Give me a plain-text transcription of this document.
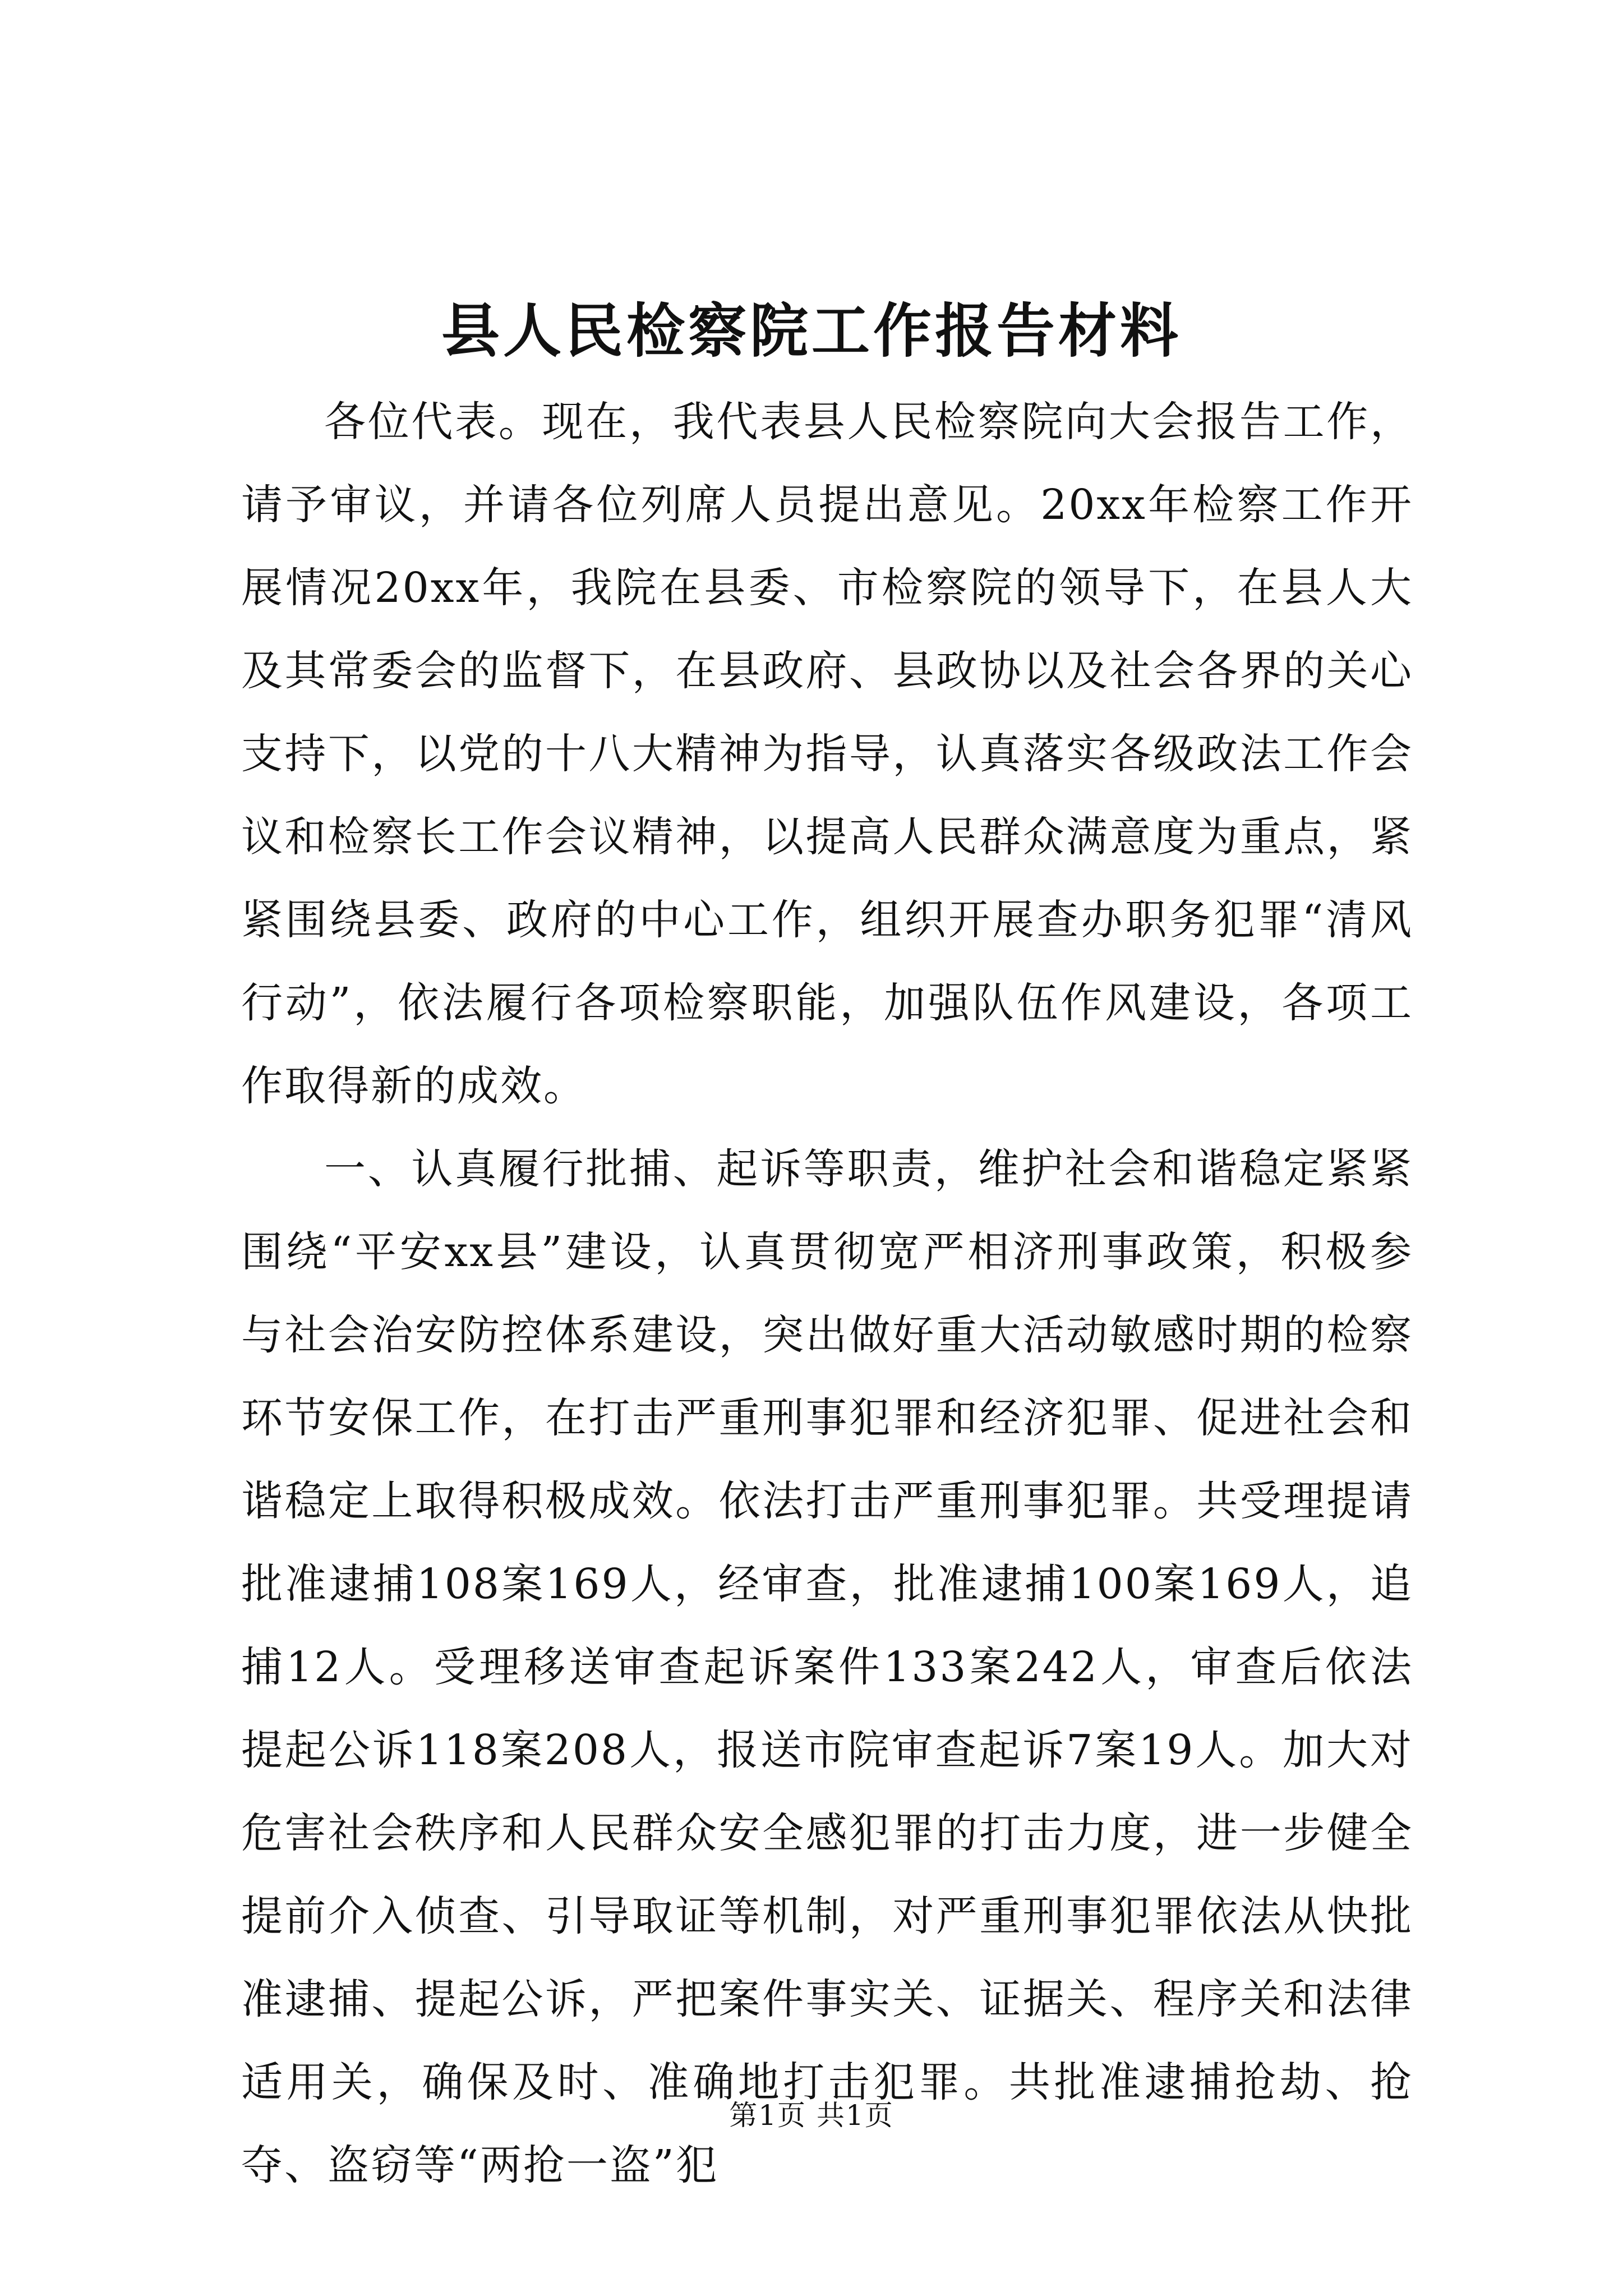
县人民检察院工作报告材料

各位代表。现在，我代表县人民检察院向大会报告工作，请予审议，并请各位列席人员提出意见。20xx年检察工作开展情况20xx年，我院在县委、市检察院的领导下，在县人大及其常委会的监督下，在县政府、县政协以及社会各界的关心支持下，以党的十八大精神为指导，认真落实各级政法工作会议和检察长工作会议精神，以提高人民群众满意度为重点，紧紧围绕县委、政府的中心工作，组织开展查办职务犯罪“清风行动”，依法履行各项检察职能，加强队伍作风建设，各项工作取得新的成效。

一、认真履行批捕、起诉等职责，维护社会和谐稳定紧紧围绕“平安xx县”建设，认真贯彻宽严相济刑事政策，积极参与社会治安防控体系建设，突出做好重大活动敏感时期的检察环节安保工作，在打击严重刑事犯罪和经济犯罪、促进社会和谐稳定上取得积极成效。依法打击严重刑事犯罪。共受理提请批准逮捕108案169人，经审查，批准逮捕100案169人，追捕12人。受理移送审查起诉案件133案242人，审查后依法提起公诉118案208人，报送市院审查起诉7案19人。加大对危害社会秩序和人民群众安全感犯罪的打击力度，进一步健全提前介入侦查、引导取证等机制，对严重刑事犯罪依法从快批准逮捕、提起公诉，严把案件事实关、证据关、程序关和法律适用关，确保及时、准确地打击犯罪。共批准逮捕抢劫、抢夺、盗窃等“两抢一盗”犯

第1页 共1页
